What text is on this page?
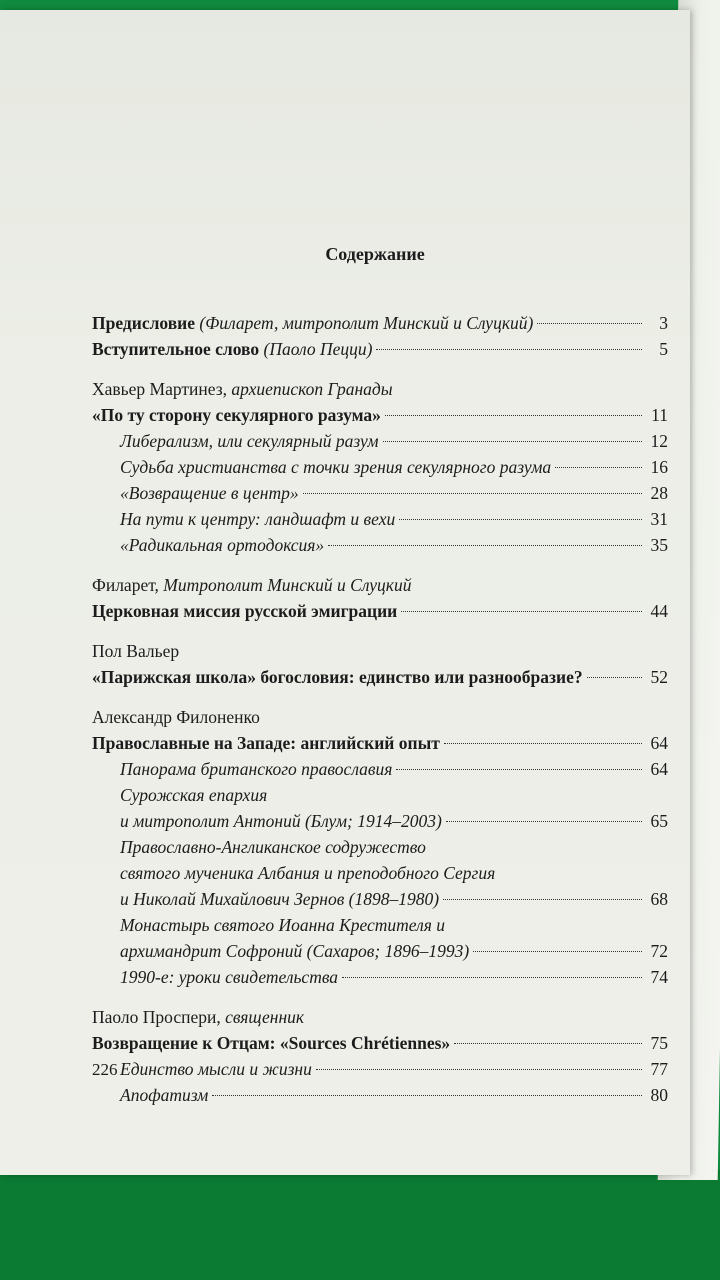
Содержание
Предисловие (Филарет, митрополит Минский и Слуцкий)	3
Вступительное слово (Паоло Пецци)	5
Хавьер Мартинез, архиепископ Гранады
«По ту сторону секулярного разума»	11
Либерализм, или секулярный разум	12
Судьба христианства с точки зрения секулярного разума	16
«Возвращение в центр»	28
На пути к центру: ландшафт и вехи	31
«Радикальная ортодоксия»	35
Филарет, Митрополит Минский и Слуцкий
Церковная миссия русской эмиграции	44
Пол Вальер
«Парижская школа» богословия: единство или разнообразие?	52
Александр Филоненко
Православные на Западе: английский опыт	64
Панорама британского православия	64
Сурожская епархия
и митрополит Антоний (Блум; 1914–2003)	65
Православно-Англиканское содружество
святого мученика Албания и преподобного Сергия
и Николай Михайлович Зернов (1898–1980)	68
Монастырь святого Иоанна Крестителя и
архимандрит Софроний (Сахаров; 1896–1993)	72
1990-е: уроки свидетельства	74
Паоло Проспери, священник
Возвращение к Отцам: «Sources Chrétiennes»	75
Единство мысли и жизни	77
Апофатизм	80
226
